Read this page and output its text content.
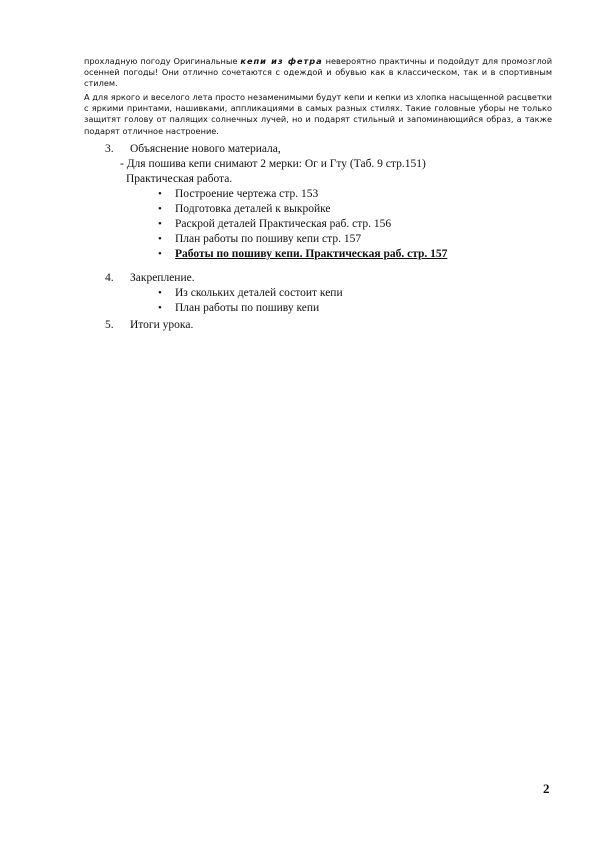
прохладную погоду Оригинальные кепи из фетра невероятно практичны и подойдут для промозглой осенней погоды! Они отлично сочетаются с одеждой и обувью как в классическом, так и в спортивным стилем.
А для яркого и веселого лета просто незаменимыми будут кепи и кепки из хлопка насыщенной расцветки с яркими принтами, нашивками, аппликациями в самых разных стилях. Такие головные уборы не только защитят голову от палящих солнечных лучей, но и подарят стильный и запоминающийся образ, а также подарят отличное настроение.
3. Объяснение нового материала,
- Для пошива кепи снимают 2 мерки: Ог и Гту (Таб. 9 стр.151)
Практическая работа.
• Построение чертежа стр. 153
• Подготовка деталей к выкройке
• Раскрой деталей Практическая раб. стр. 156
• План работы по пошиву кепи стр. 157
• Работы по пошиву кепи. Практическая раб. стр. 157
4. Закрепление.
• Из скольких деталей состоит кепи
• План работы по пошиву кепи
5. Итоги урока.
2
